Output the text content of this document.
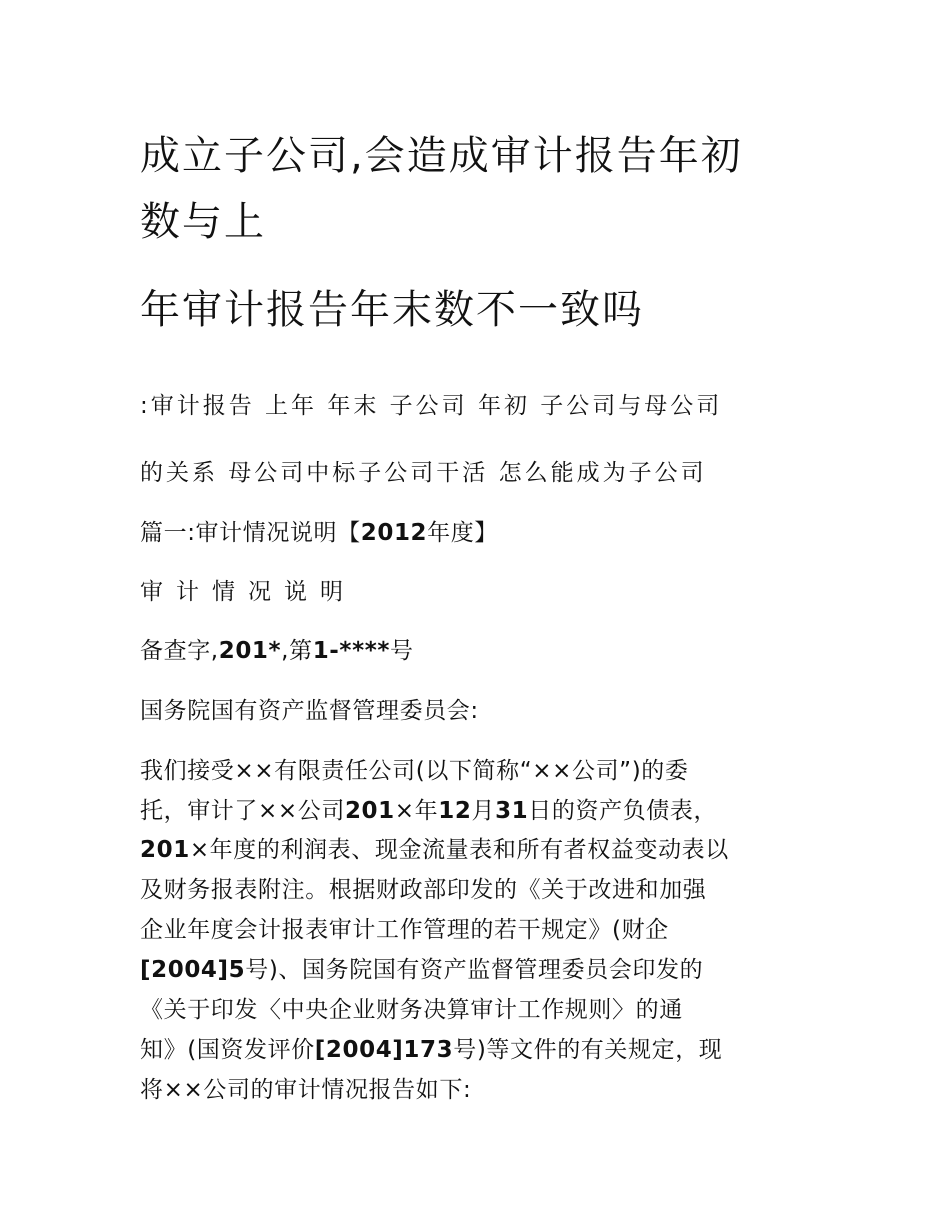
成立子公司,会造成审计报告年初
数与上
年审计报告年末数不一致吗
:审计报告 上年 年末 子公司 年初 子公司与母公司
的关系 母公司中标子公司干活 怎么能成为子公司
篇一:审计情况说明【2012年度】
审计情况说明
备查字,201*,第1-****号
国务院国有资产监督管理委员会:
我们接受××有限责任公司(以下简称“××公司”)的委
托，审计了××公司201×年12月31日的资产负债表，
201×年度的利润表、现金流量表和所有者权益变动表以
及财务报表附注。根据财政部印发的《关于改进和加强
企业年度会计报表审计工作管理的若干规定》(财企
[2004]5号)、国务院国有资产监督管理委员会印发的
《关于印发〈中央企业财务决算审计工作规则〉的通
知》(国资发评价[2004]173号)等文件的有关规定，现
将××公司的审计情况报告如下:
